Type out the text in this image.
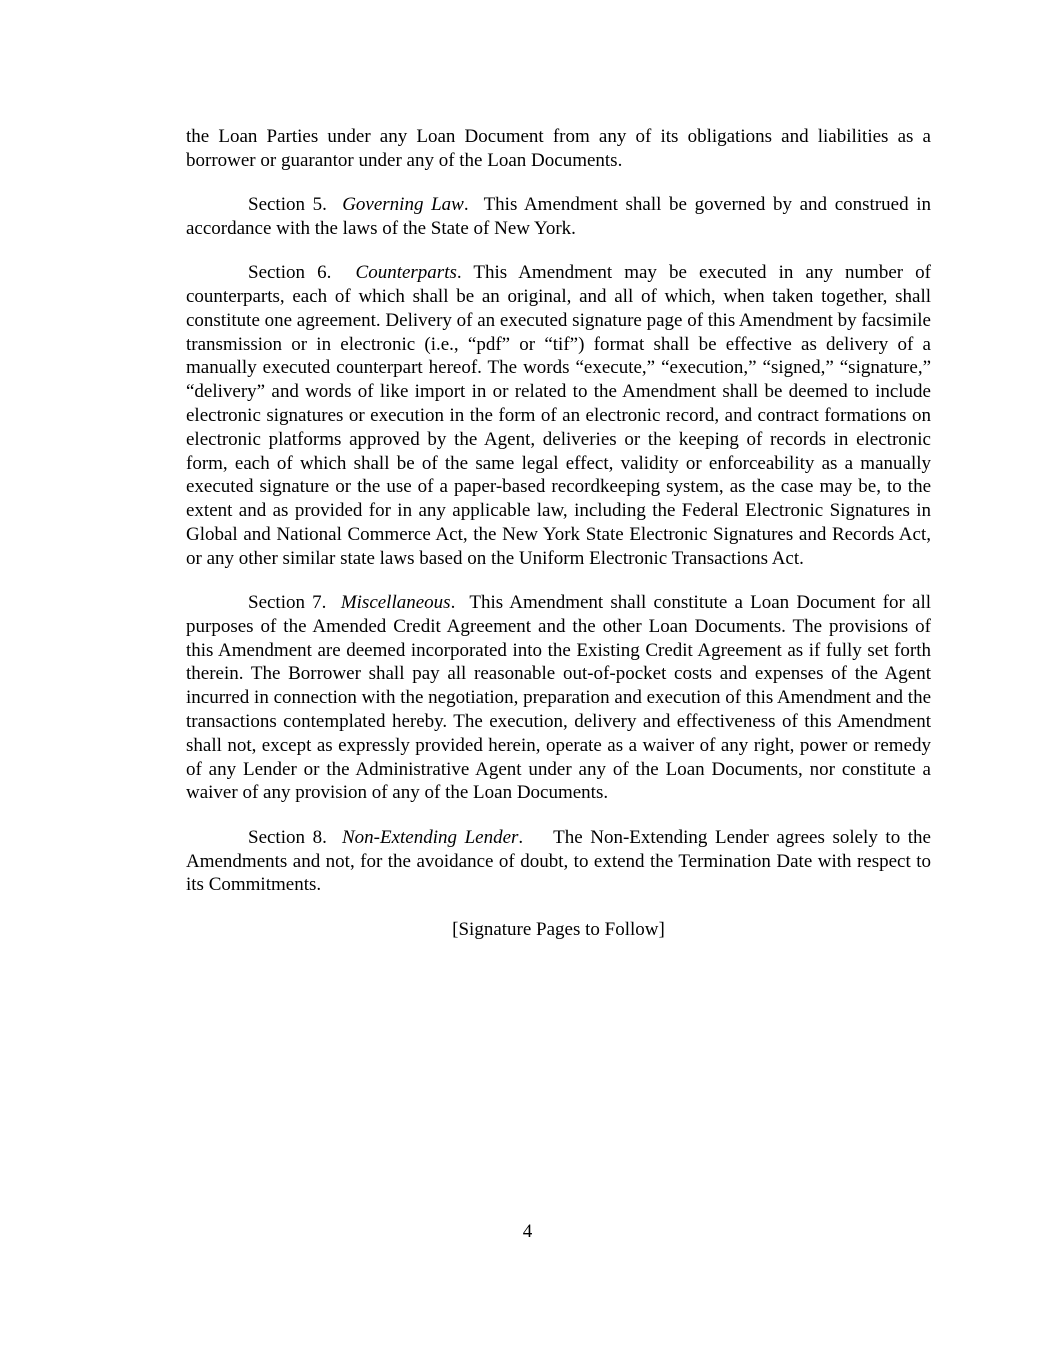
the Loan Parties under any Loan Document from any of its obligations and liabilities as a borrower or guarantor under any of the Loan Documents.

Section 5. Governing Law.  This Amendment shall be governed by and construed in accordance with the laws of the State of New York.

Section 6. Counterparts. This Amendment may be executed in any number of counterparts, each of which shall be an original, and all of which, when taken together, shall constitute one agreement. Delivery of an executed signature page of this Amendment by facsimile transmission or in electronic (i.e., “pdf” or “tif”) format shall be effective as delivery of a manually executed counterpart hereof. The words “execute,” “execution,” “signed,” “signature,” “delivery” and words of like import in or related to the Amendment shall be deemed to include electronic signatures or execution in the form of an electronic record, and contract formations on electronic platforms approved by the Agent, deliveries or the keeping of records in electronic form, each of which shall be of the same legal effect, validity or enforceability as a manually executed signature or the use of a paper-based recordkeeping system, as the case may be, to the extent and as provided for in any applicable law, including the Federal Electronic Signatures in Global and National Commerce Act, the New York State Electronic Signatures and Records Act, or any other similar state laws based on the Uniform Electronic Transactions Act.

Section 7. Miscellaneous.  This Amendment shall constitute a Loan Document for all purposes of the Amended Credit Agreement and the other Loan Documents. The provisions of this Amendment are deemed incorporated into the Existing Credit Agreement as if fully set forth therein. The Borrower shall pay all reasonable out-of-pocket costs and expenses of the Agent incurred in connection with the negotiation, preparation and execution of this Amendment and the transactions contemplated hereby. The execution, delivery and effectiveness of this Amendment shall not, except as expressly provided herein, operate as a waiver of any right, power or remedy of any Lender or the Administrative Agent under any of the Loan Documents, nor constitute a waiver of any provision of any of the Loan Documents.

Section 8. Non-Extending Lender.    The Non-Extending Lender agrees solely to the Amendments and not, for the avoidance of doubt, to extend the Termination Date with respect to its Commitments.

[Signature Pages to Follow]

4
